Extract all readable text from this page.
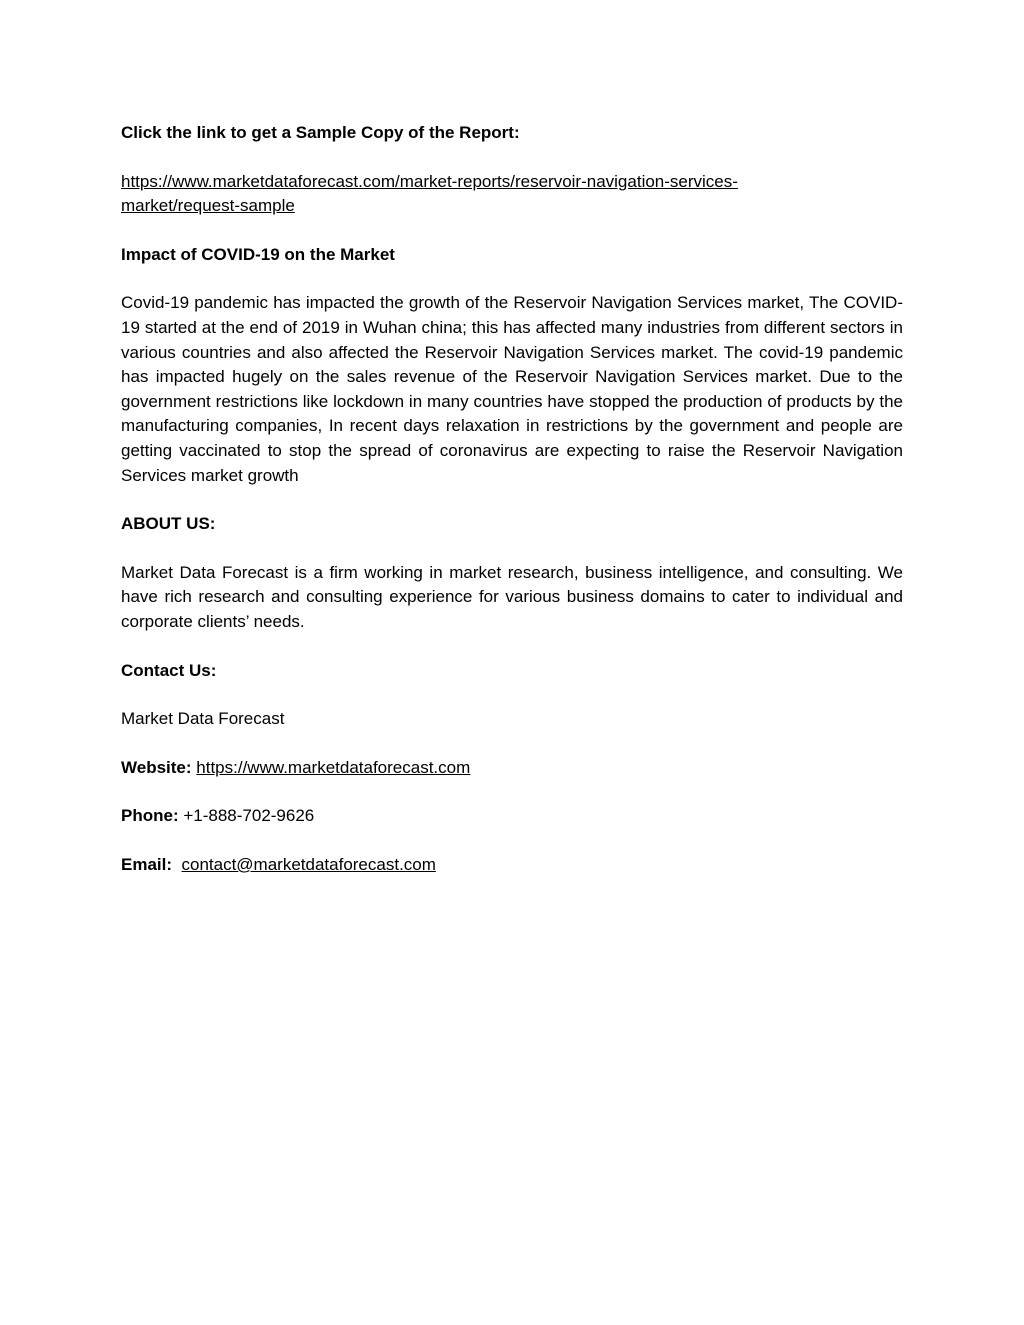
Click the link to get a Sample Copy of the Report:

https://www.marketdataforecast.com/market-reports/reservoir-navigation-services-
market/request-sample

Impact of COVID-19 on the Market

Covid-19 pandemic has impacted the growth of the Reservoir Navigation Services market, The COVID-19 started at the end of 2019 in Wuhan china; this has affected many industries from different sectors in various countries and also affected the Reservoir Navigation Services market. The covid-19 pandemic has impacted hugely on the sales revenue of the Reservoir Navigation Services market. Due to the government restrictions like lockdown in many countries have stopped the production of products by the manufacturing companies, In recent days relaxation in restrictions by the government and people are getting vaccinated to stop the spread of coronavirus are expecting to raise the Reservoir Navigation Services market growth

ABOUT US:

Market Data Forecast is a firm working in market research, business intelligence, and consulting. We have rich research and consulting experience for various business domains to cater to individual and corporate clients’ needs.

Contact Us:

Market Data Forecast

Website: https://www.marketdataforecast.com

Phone: +1-888-702-9626

Email: contact@marketdataforecast.com
